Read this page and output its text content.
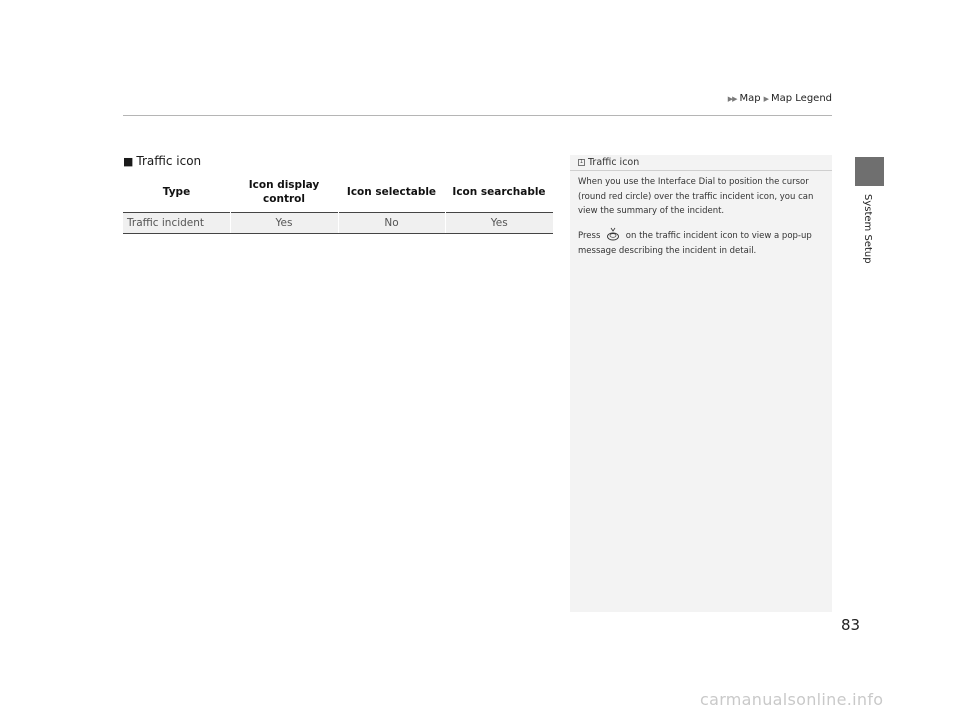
▶▶ Map ▶ Map Legend
System Setup
■ Traffic icon
Type	Icon display control	Icon selectable	Icon searchable
Traffic incident	Yes	No	Yes
1 Traffic icon
When you use the Interface Dial to position the cursor (round red circle) over the traffic incident icon, you can view the summary of the incident.
Press	on the traffic incident icon to view a pop-up message describing the incident in detail.
83
carmanualsonline.info
